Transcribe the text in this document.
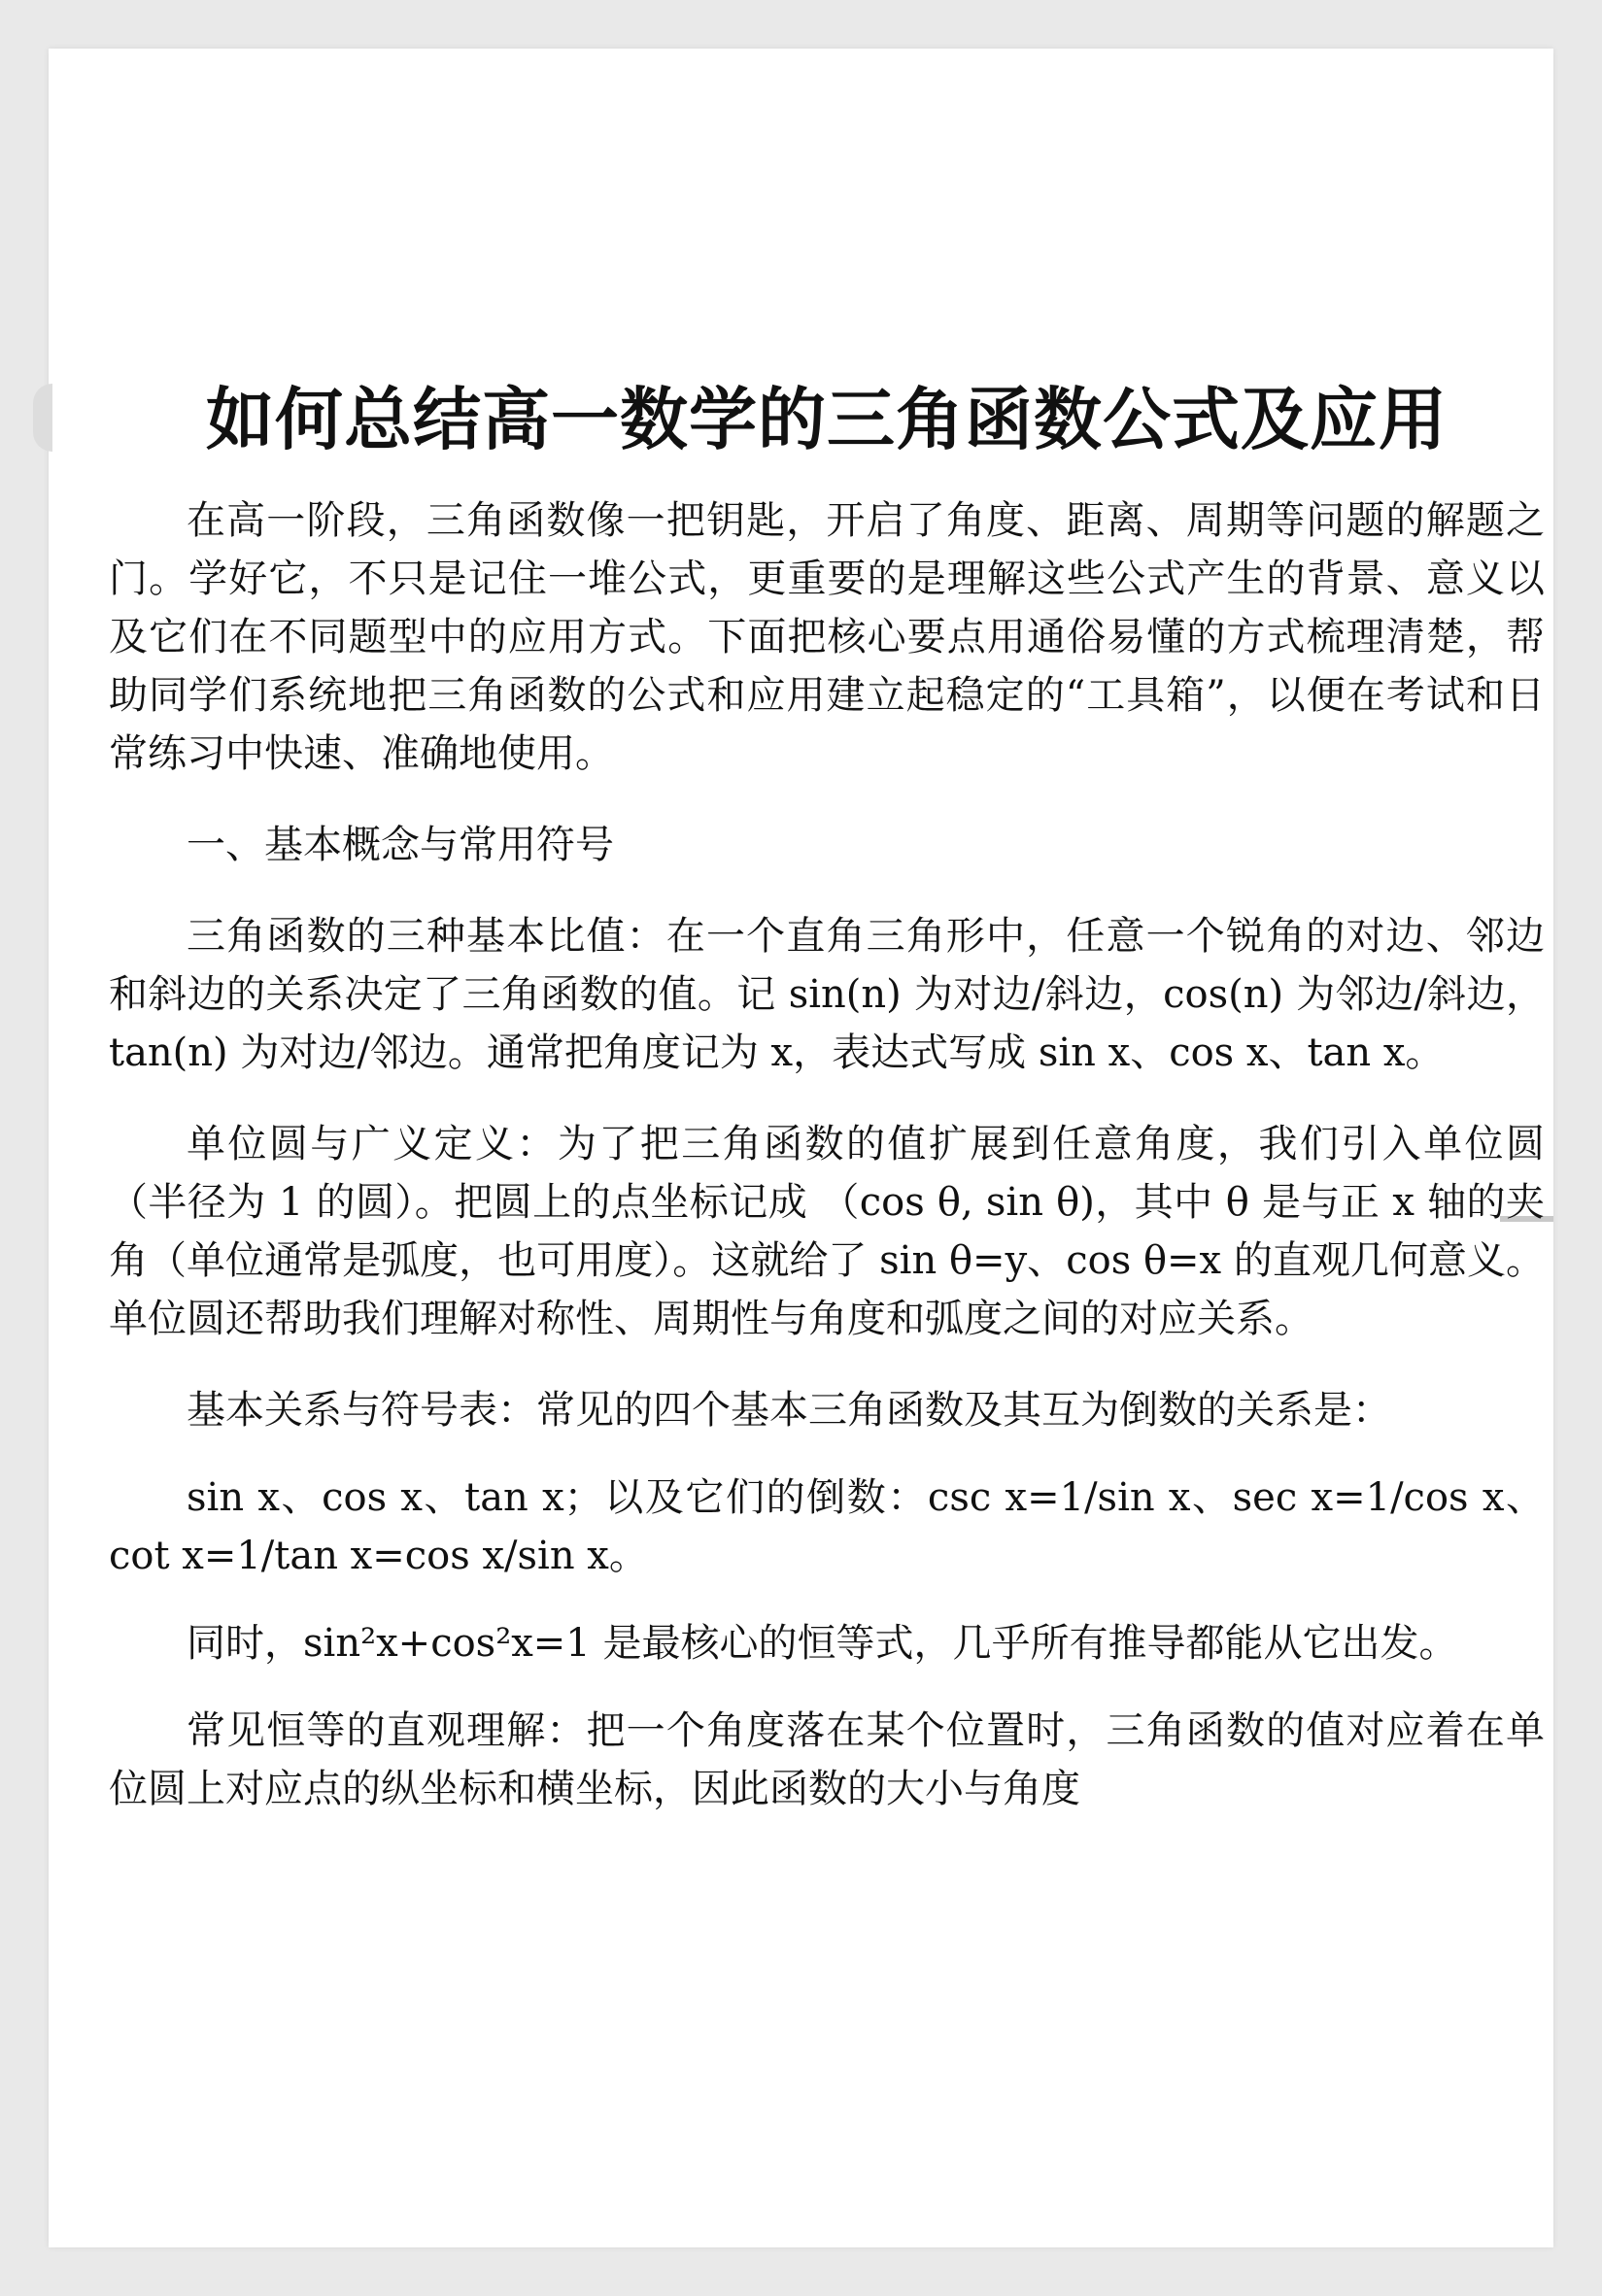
如何总结高一数学的三角函数公式及应用

在高一阶段，三角函数像一把钥匙，开启了角度、距离、周期等问题的解题之门。学好它，不只是记住一堆公式，更重要的是理解这些公式产生的背景、意义以及它们在不同题型中的应用方式。下面把核心要点用通俗易懂的方式梳理清楚，帮助同学们系统地把三角函数的公式和应用建立起稳定的“工具箱”，以便在考试和日常练习中快速、准确地使用。

一、基本概念与常用符号

三角函数的三种基本比值：在一个直角三角形中，任意一个锐角的对边、邻边和斜边的关系决定了三角函数的值。记 sin(n) 为对边/斜边，cos(n) 为邻边/斜边，tan(n) 为对边/邻边。通常把角度记为 x，表达式写成 sin x、cos x、tan x。

单位圆与广义定义：为了把三角函数的值扩展到任意角度，我们引入单位圆（半径为 1 的圆）。把圆上的点坐标记成 （cos θ, sin θ)，其中 θ 是与正 x 轴的夹角（单位通常是弧度，也可用度）。这就给了 sin θ=y、cos θ=x 的直观几何意义。单位圆还帮助我们理解对称性、周期性与角度和弧度之间的对应关系。

基本关系与符号表：常见的四个基本三角函数及其互为倒数的关系是：

sin x、cos x、tan x；以及它们的倒数：csc x=1/sin x、sec x=1/cos x、cot x=1/tan x=cos x/sin x。

同时，sin²x+cos²x=1 是最核心的恒等式，几乎所有推导都能从它出发。

常见恒等的直观理解：把一个角度落在某个位置时，三角函数的值对应着在单位圆上对应点的纵坐标和横坐标，因此函数的大小与角度
